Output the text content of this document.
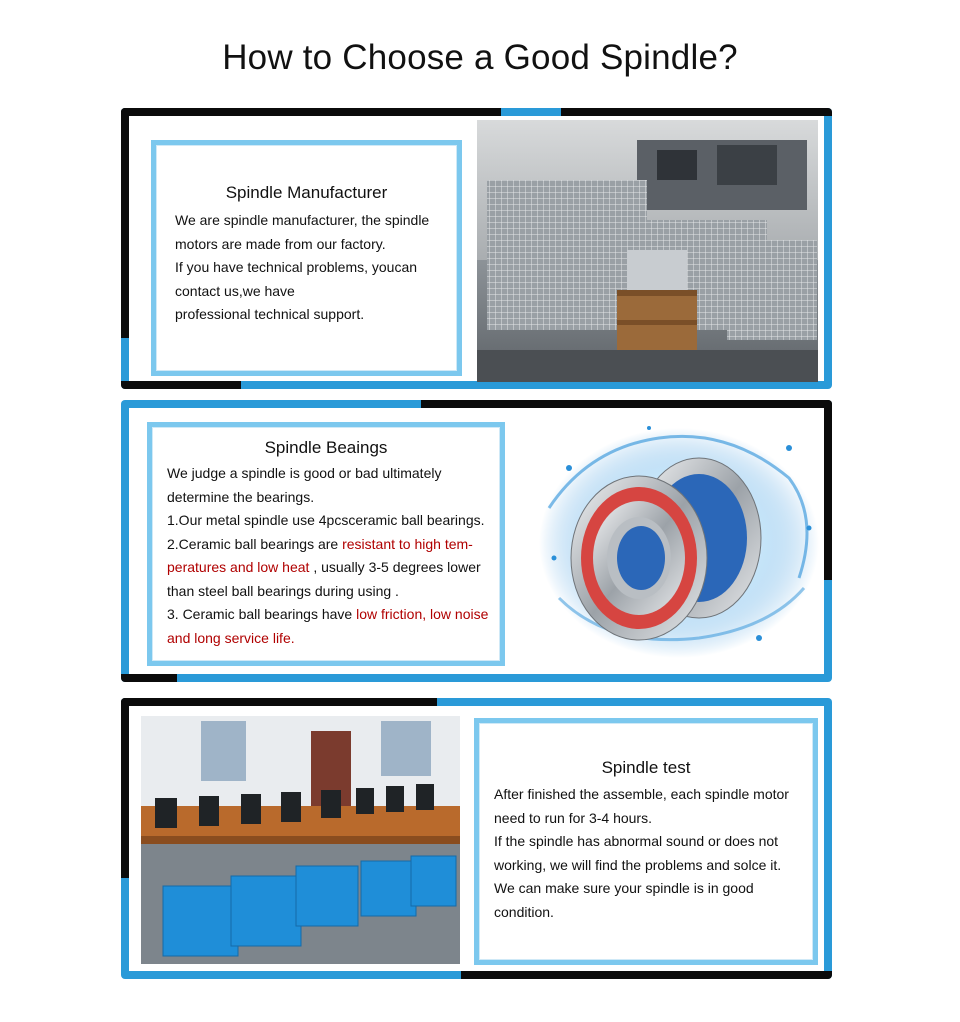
How to Choose a Good Spindle?
Spindle Manufacturer

We are spindle manufacturer, the spindle

motors are made from our factory.

If you have technical problems, youcan

contact us,we have

professional technical support.

Spindle Beaings

We judge a spindle is good or bad ultimately

determine the bearings.

1.Our metal spindle use 4pcsceramic ball bearings.

2.Ceramic ball bearings are resistant to high tem-

peratures and low heat , usually 3-5 degrees lower

than steel ball bearings during using .

3. Ceramic ball bearings have low friction, low noise

and long service life.

Spindle test

After finished the assemble, each spindle motor

need to run for 3-4 hours.

If the spindle has abnormal sound or does not

working, we will find the problems and solce it.

We can make sure your spindle is in good

condition.
